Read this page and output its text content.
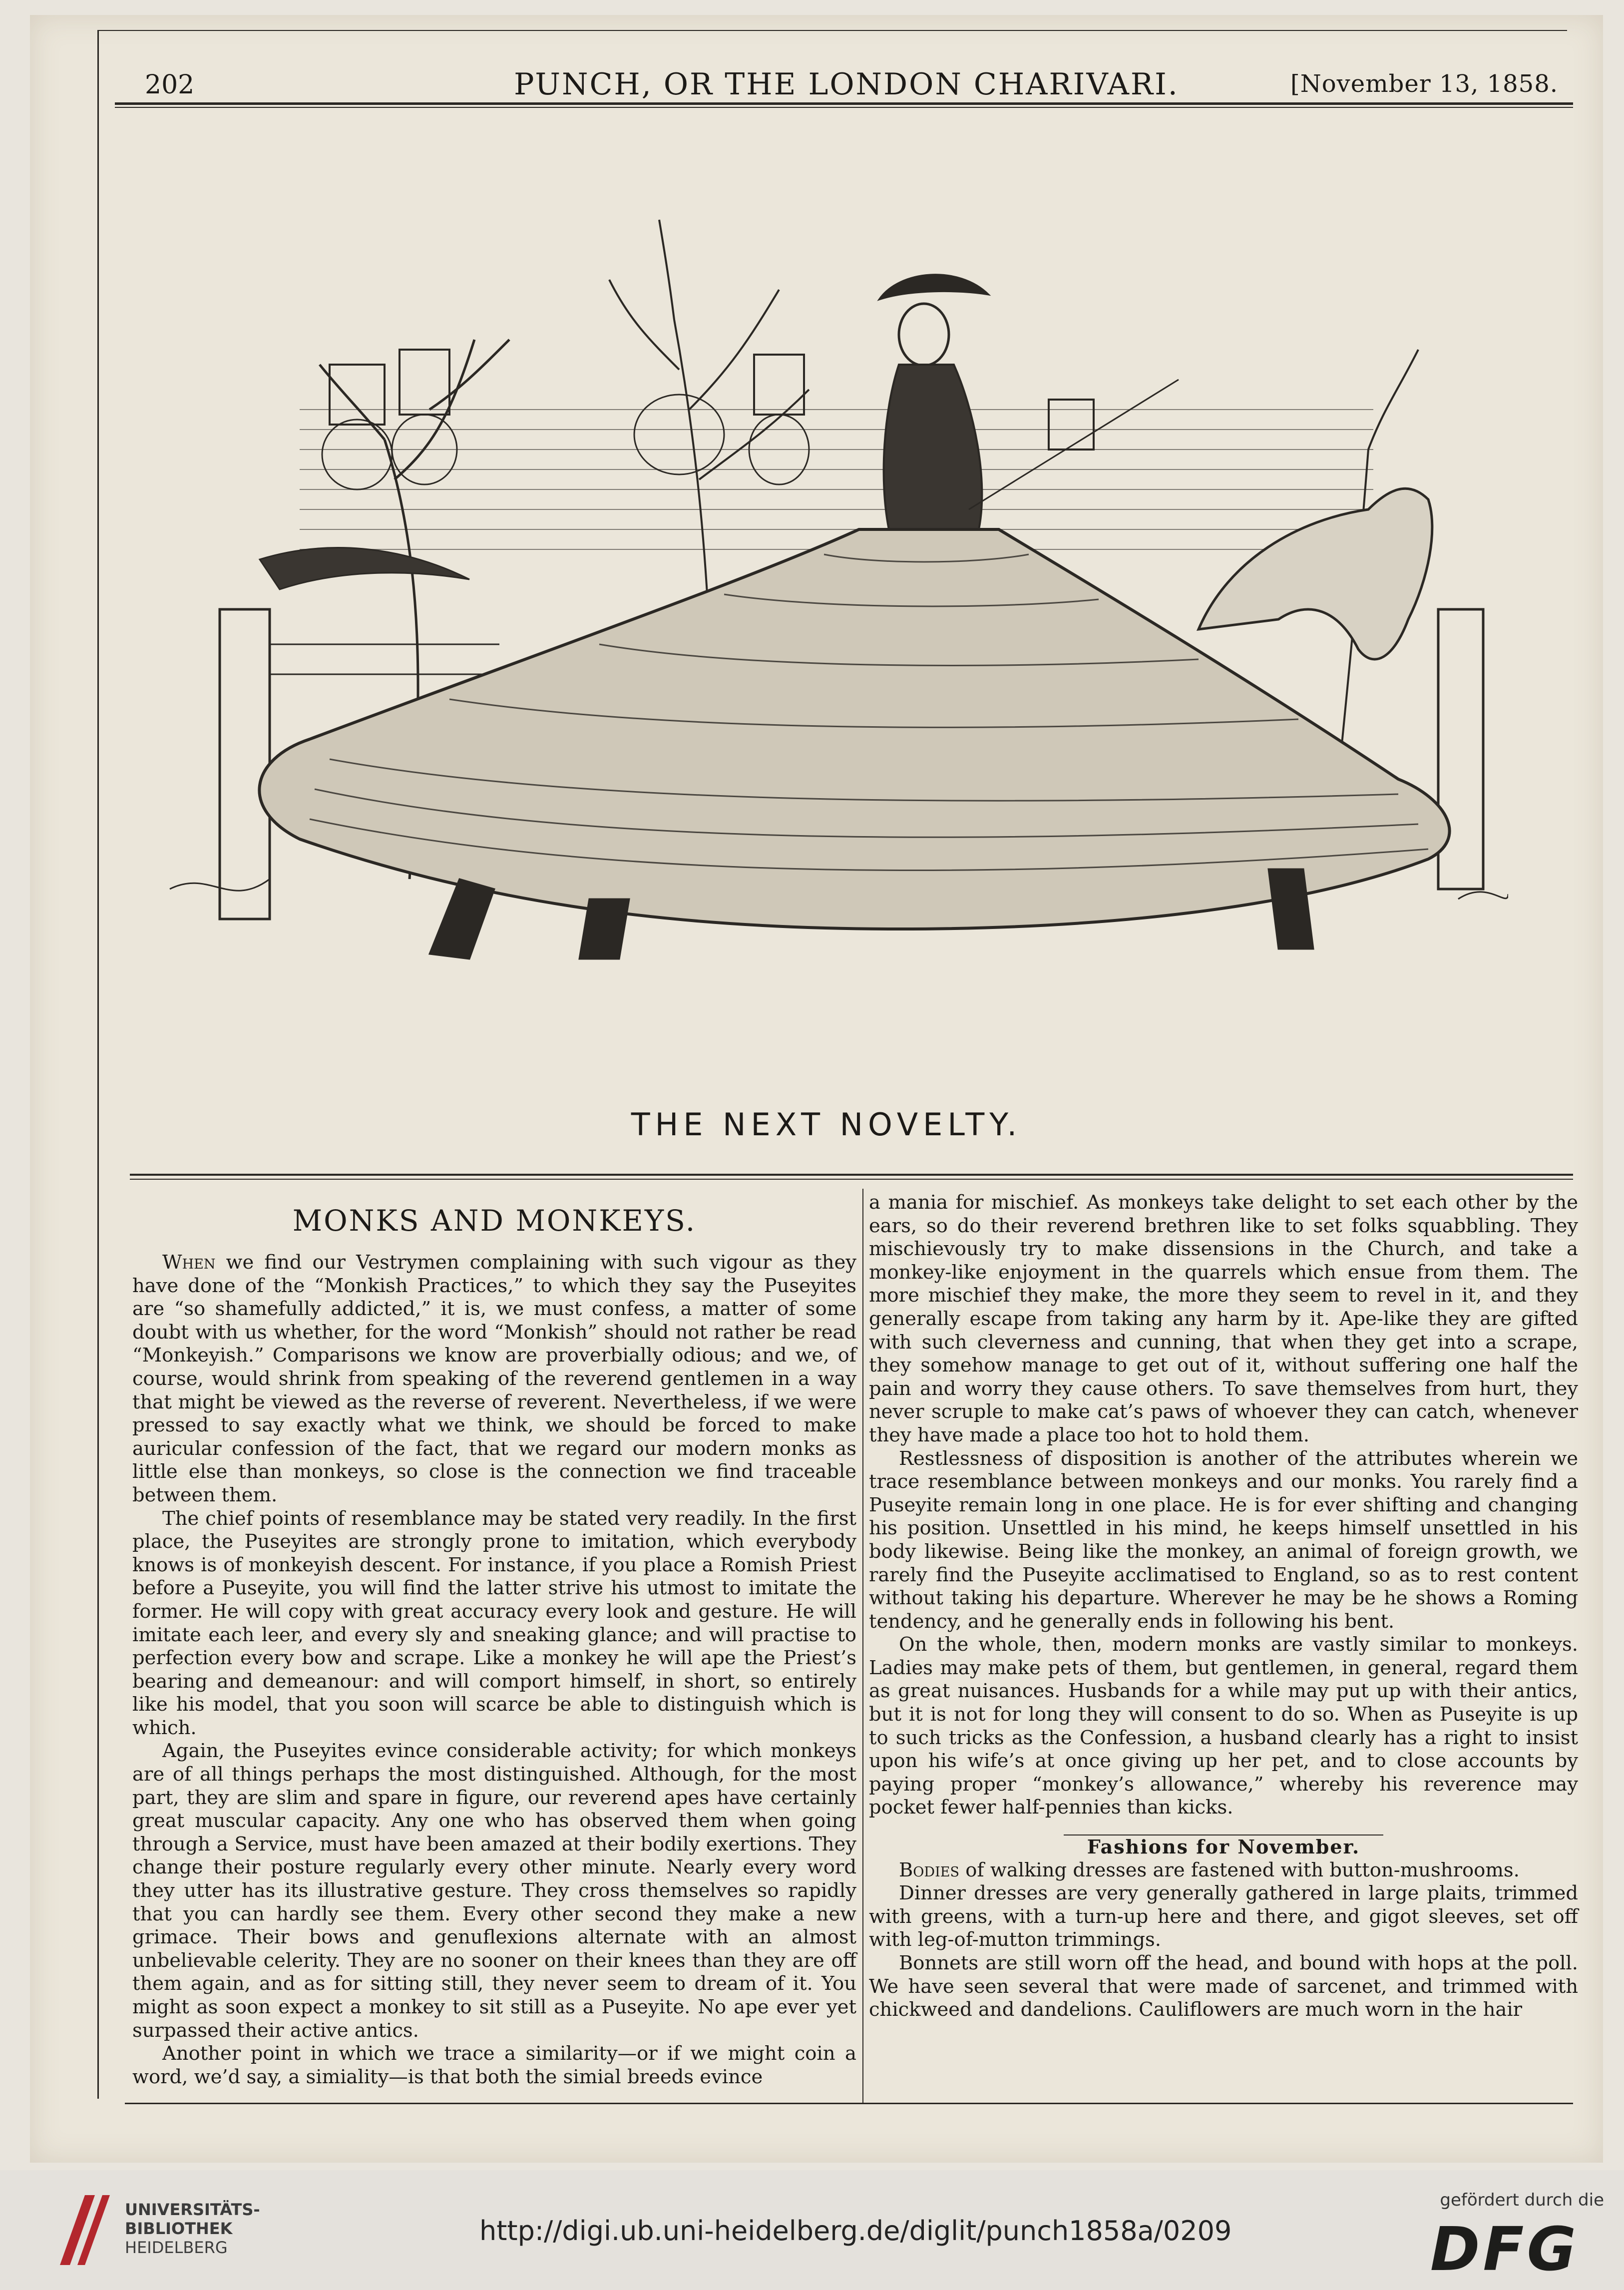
202	PUNCH, OR THE LONDON CHARIVARI.	[November 13, 1858.
THE NEXT NOVELTY.
MONKS AND MONKEYS.

When we find our Vestrymen complaining with such vigour as they have done of the “Monkish Practices,” to which they say the Puseyites are “so shamefully addicted,” it is, we must confess, a matter of some doubt with us whether, for the word “Monkish” should not rather be read “Monkeyish.” Comparisons we know are proverbially odious; and we, of course, would shrink from speaking of the reverend gentlemen in a way that might be viewed as the reverse of reverent. Nevertheless, if we were pressed to say exactly what we think, we should be forced to make auricular confession of the fact, that we regard our modern monks as little else than monkeys, so close is the connection we find traceable between them.

The chief points of resemblance may be stated very readily. In the first place, the Puseyites are strongly prone to imitation, which everybody knows is of monkeyish descent. For instance, if you place a Romish Priest before a Puseyite, you will find the latter strive his utmost to imitate the former. He will copy with great accuracy every look and gesture. He will imitate each leer, and every sly and sneaking glance; and will practise to perfection every bow and scrape. Like a monkey he will ape the Priest’s bearing and demeanour: and will comport himself, in short, so entirely like his model, that you soon will scarce be able to distinguish which is which.

Again, the Puseyites evince considerable activity; for which monkeys are of all things perhaps the most distinguished. Although, for the most part, they are slim and spare in figure, our reverend apes have certainly great muscular capacity. Any one who has observed them when going through a Service, must have been amazed at their bodily exertions. They change their posture regularly every other minute. Nearly every word they utter has its illustrative gesture. They cross themselves so rapidly that you can hardly see them. Every other second they make a new grimace. Their bows and genuflexions alternate with an almost unbelievable celerity. They are no sooner on their knees than they are off them again, and as for sitting still, they never seem to dream of it. You might as soon expect a monkey to sit still as a Puseyite. No ape ever yet surpassed their active antics.

Another point in which we trace a similarity—or if we might coin a word, we’d say, a simiality—is that both the simial breeds evince

a mania for mischief. As monkeys take delight to set each other by the ears, so do their reverend brethren like to set folks squabbling. They mischievously try to make dissensions in the Church, and take a monkey-like enjoyment in the quarrels which ensue from them. The more mischief they make, the more they seem to revel in it, and they generally escape from taking any harm by it. Ape-like they are gifted with such cleverness and cunning, that when they get into a scrape, they somehow manage to get out of it, without suffering one half the pain and worry they cause others. To save themselves from hurt, they never scruple to make cat’s paws of whoever they can catch, whenever they have made a place too hot to hold them.

Restlessness of disposition is another of the attributes wherein we trace resemblance between monkeys and our monks. You rarely find a Puseyite remain long in one place. He is for ever shifting and changing his position. Unsettled in his mind, he keeps himself unsettled in his body likewise. Being like the monkey, an animal of foreign growth, we rarely find the Puseyite acclimatised to England, so as to rest content without taking his departure. Wherever he may be he shows a Roming tendency, and he generally ends in following his bent.

On the whole, then, modern monks are vastly similar to monkeys. Ladies may make pets of them, but gentlemen, in general, regard them as great nuisances. Husbands for a while may put up with their antics, but it is not for long they will consent to do so. When as Puseyite is up to such tricks as the Confession, a husband clearly has a right to insist upon his wife’s at once giving up her pet, and to close accounts by paying proper “monkey’s allowance,” whereby his reverence may pocket fewer half-pennies than kicks.

Fashions for November.

Bodies of walking dresses are fastened with button-mushrooms.

Dinner dresses are very generally gathered in large plaits, trimmed with greens, with a turn-up here and there, and gigot sleeves, set off with leg-of-mutton trimmings.

Bonnets are still worn off the head, and bound with hops at the poll. We have seen several that were made of sarcenet, and trimmed with chickweed and dandelions. Cauliflowers are much worn in the hair

UNIVERSITÄTS-
BIBLIOTHEK
HEIDELBERG
http://digi.ub.uni-heidelberg.de/diglit/punch1858a/0209
gefördert durch die
DFG
